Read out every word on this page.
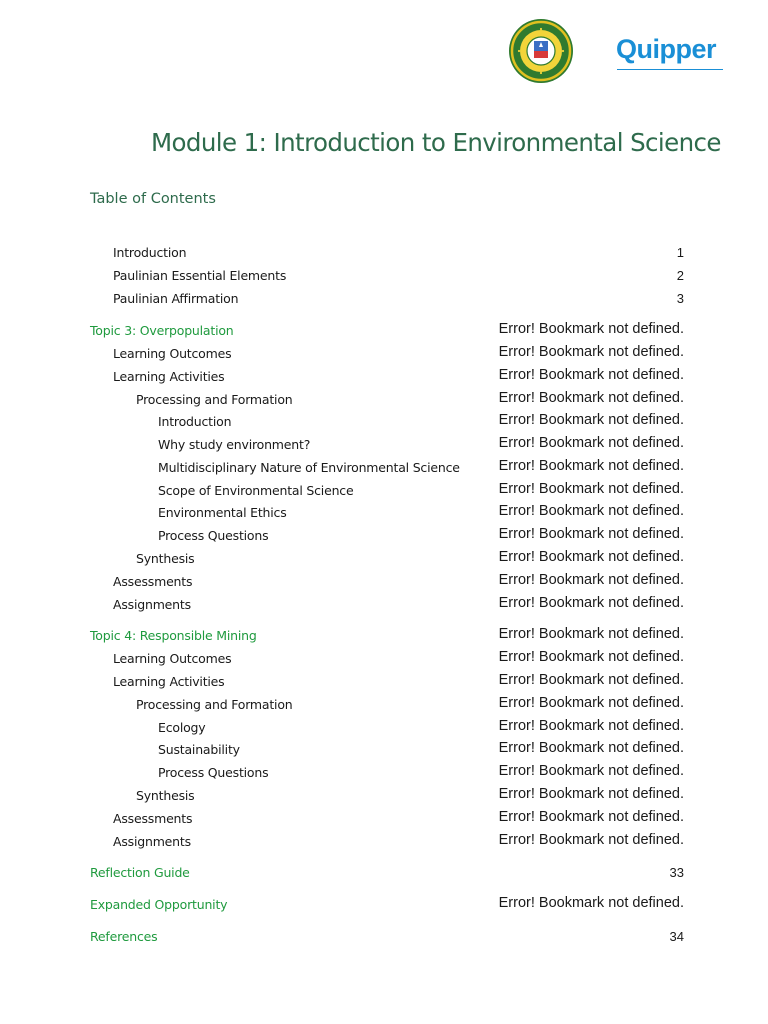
Quipper
Module 1: Introduction to Environmental Science
Table of Contents
Introduction	1
Paulinian Essential Elements	2
Paulinian Affirmation	3
Topic 3: Overpopulation	Error! Bookmark not defined.
Learning Outcomes	Error! Bookmark not defined.
Learning Activities	Error! Bookmark not defined.
Processing and Formation	Error! Bookmark not defined.
Introduction	Error! Bookmark not defined.
Why study environment?	Error! Bookmark not defined.
Multidisciplinary Nature of Environmental Science	Error! Bookmark not defined.
Scope of Environmental Science	Error! Bookmark not defined.
Environmental Ethics	Error! Bookmark not defined.
Process Questions	Error! Bookmark not defined.
Synthesis	Error! Bookmark not defined.
Assessments	Error! Bookmark not defined.
Assignments	Error! Bookmark not defined.
Topic 4: Responsible Mining	Error! Bookmark not defined.
Learning Outcomes	Error! Bookmark not defined.
Learning Activities	Error! Bookmark not defined.
Processing and Formation	Error! Bookmark not defined.
Ecology	Error! Bookmark not defined.
Sustainability	Error! Bookmark not defined.
Process Questions	Error! Bookmark not defined.
Synthesis	Error! Bookmark not defined.
Assessments	Error! Bookmark not defined.
Assignments	Error! Bookmark not defined.
Reflection Guide	33
Expanded Opportunity	Error! Bookmark not defined.
References	34
